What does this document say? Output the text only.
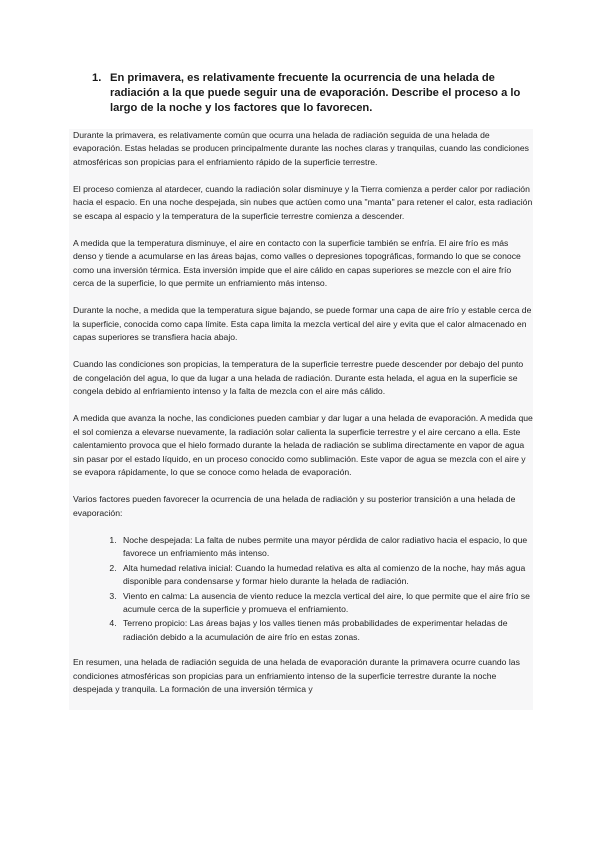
1. En primavera, es relativamente frecuente la ocurrencia de una helada de radiación a la que puede seguir una de evaporación. Describe el proceso a lo largo de la noche y los factores que lo favorecen.

Durante la primavera, es relativamente común que ocurra una helada de radiación seguida de una helada de evaporación. Estas heladas se producen principalmente durante las noches claras y tranquilas, cuando las condiciones atmosféricas son propicias para el enfriamiento rápido de la superficie terrestre.

El proceso comienza al atardecer, cuando la radiación solar disminuye y la Tierra comienza a perder calor por radiación hacia el espacio. En una noche despejada, sin nubes que actúen como una "manta" para retener el calor, esta radiación se escapa al espacio y la temperatura de la superficie terrestre comienza a descender.

A medida que la temperatura disminuye, el aire en contacto con la superficie también se enfría. El aire frío es más denso y tiende a acumularse en las áreas bajas, como valles o depresiones topográficas, formando lo que se conoce como una inversión térmica. Esta inversión impide que el aire cálido en capas superiores se mezcle con el aire frío cerca de la superficie, lo que permite un enfriamiento más intenso.

Durante la noche, a medida que la temperatura sigue bajando, se puede formar una capa de aire frío y estable cerca de la superficie, conocida como capa límite. Esta capa limita la mezcla vertical del aire y evita que el calor almacenado en capas superiores se transfiera hacia abajo.

Cuando las condiciones son propicias, la temperatura de la superficie terrestre puede descender por debajo del punto de congelación del agua, lo que da lugar a una helada de radiación. Durante esta helada, el agua en la superficie se congela debido al enfriamiento intenso y la falta de mezcla con el aire más cálido.

A medida que avanza la noche, las condiciones pueden cambiar y dar lugar a una helada de evaporación. A medida que el sol comienza a elevarse nuevamente, la radiación solar calienta la superficie terrestre y el aire cercano a ella. Este calentamiento provoca que el hielo formado durante la helada de radiación se sublima directamente en vapor de agua sin pasar por el estado líquido, en un proceso conocido como sublimación. Este vapor de agua se mezcla con el aire y se evapora rápidamente, lo que se conoce como helada de evaporación.

Varios factores pueden favorecer la ocurrencia de una helada de radiación y su posterior transición a una helada de evaporación:

1. Noche despejada: La falta de nubes permite una mayor pérdida de calor radiativo hacia el espacio, lo que favorece un enfriamiento más intenso.
2. Alta humedad relativa inicial: Cuando la humedad relativa es alta al comienzo de la noche, hay más agua disponible para condensarse y formar hielo durante la helada de radiación.
3. Viento en calma: La ausencia de viento reduce la mezcla vertical del aire, lo que permite que el aire frío se acumule cerca de la superficie y promueva el enfriamiento.
4. Terreno propicio: Las áreas bajas y los valles tienen más probabilidades de experimentar heladas de radiación debido a la acumulación de aire frío en estas zonas.

En resumen, una helada de radiación seguida de una helada de evaporación durante la primavera ocurre cuando las condiciones atmosféricas son propicias para un enfriamiento intenso de la superficie terrestre durante la noche despejada y tranquila. La formación de una inversión térmica y
